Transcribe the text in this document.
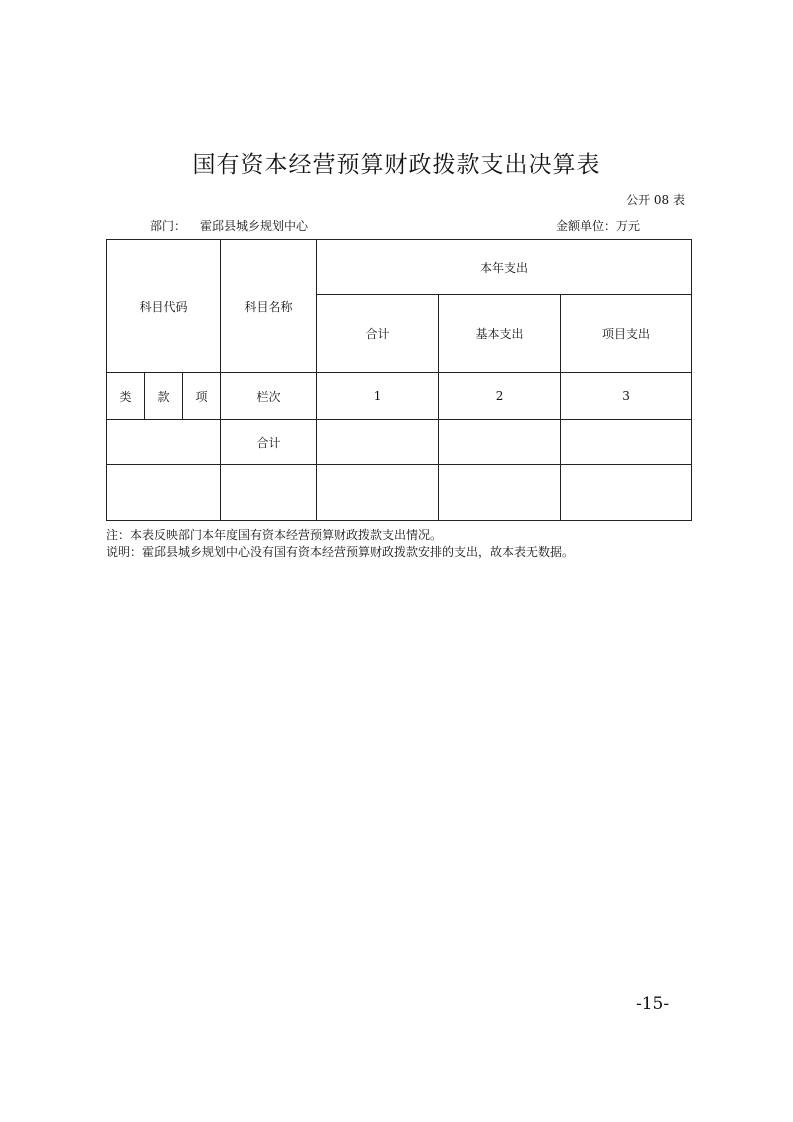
国有资本经营预算财政拨款支出决算表
公开 08 表
部门： 霍邱县城乡规划中心	金额单位：万元
科目代码			科目名称	本年支出		
				合计	基本支出	项目支出
类	款	项	栏次	1	2	3
			合计			

注：本表反映部门本年度国有资本经营预算财政拨款支出情况。
说明：霍邱县城乡规划中心没有国有资本经营预算财政拨款安排的支出，故本表无数据。
-15-
